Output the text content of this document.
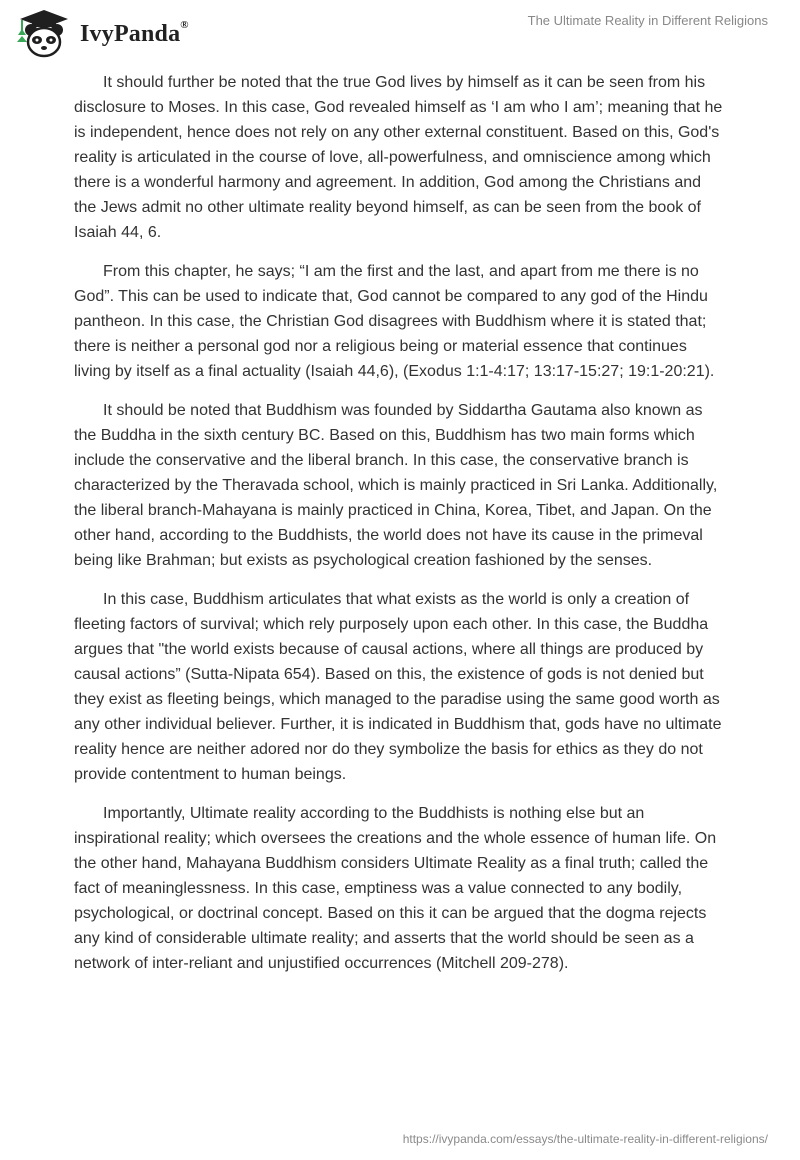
IvyPanda®	The Ultimate Reality in Different Religions

It should further be noted that the true God lives by himself as it can be seen from his disclosure to Moses. In this case, God revealed himself as ‘I am who I am’; meaning that he is independent, hence does not rely on any other external constituent. Based on this, God's reality is articulated in the course of love, all-powerfulness, and omniscience among which there is a wonderful harmony and agreement. In addition, God among the Christians and the Jews admit no other ultimate reality beyond himself, as can be seen from the book of Isaiah 44, 6.

From this chapter, he says; “I am the first and the last, and apart from me there is no God”. This can be used to indicate that, God cannot be compared to any god of the Hindu pantheon. In this case, the Christian God disagrees with Buddhism where it is stated that; there is neither a personal god nor a religious being or material essence that continues living by itself as a final actuality (Isaiah 44,6), (Exodus 1:1-4:17; 13:17-15:27; 19:1-20:21).

It should be noted that Buddhism was founded by Siddartha Gautama also known as the Buddha in the sixth century BC. Based on this, Buddhism has two main forms which include the conservative and the liberal branch. In this case, the conservative branch is characterized by the Theravada school, which is mainly practiced in Sri Lanka. Additionally, the liberal branch-Mahayana is mainly practiced in China, Korea, Tibet, and Japan. On the other hand, according to the Buddhists, the world does not have its cause in the primeval being like Brahman; but exists as psychological creation fashioned by the senses.

In this case, Buddhism articulates that what exists as the world is only a creation of fleeting factors of survival; which rely purposely upon each other. In this case, the Buddha argues that "the world exists because of causal actions, where all things are produced by causal actions” (Sutta-Nipata 654). Based on this, the existence of gods is not denied but they exist as fleeting beings, which managed to the paradise using the same good worth as any other individual believer. Further, it is indicated in Buddhism that, gods have no ultimate reality hence are neither adored nor do they symbolize the basis for ethics as they do not provide contentment to human beings.

Importantly, Ultimate reality according to the Buddhists is nothing else but an inspirational reality; which oversees the creations and the whole essence of human life. On the other hand, Mahayana Buddhism considers Ultimate Reality as a final truth; called the fact of meaninglessness. In this case, emptiness was a value connected to any bodily, psychological, or doctrinal concept. Based on this it can be argued that the dogma rejects any kind of considerable ultimate reality; and asserts that the world should be seen as a network of inter-reliant and unjustified occurrences (Mitchell 209-278).

https://ivypanda.com/essays/the-ultimate-reality-in-different-religions/
